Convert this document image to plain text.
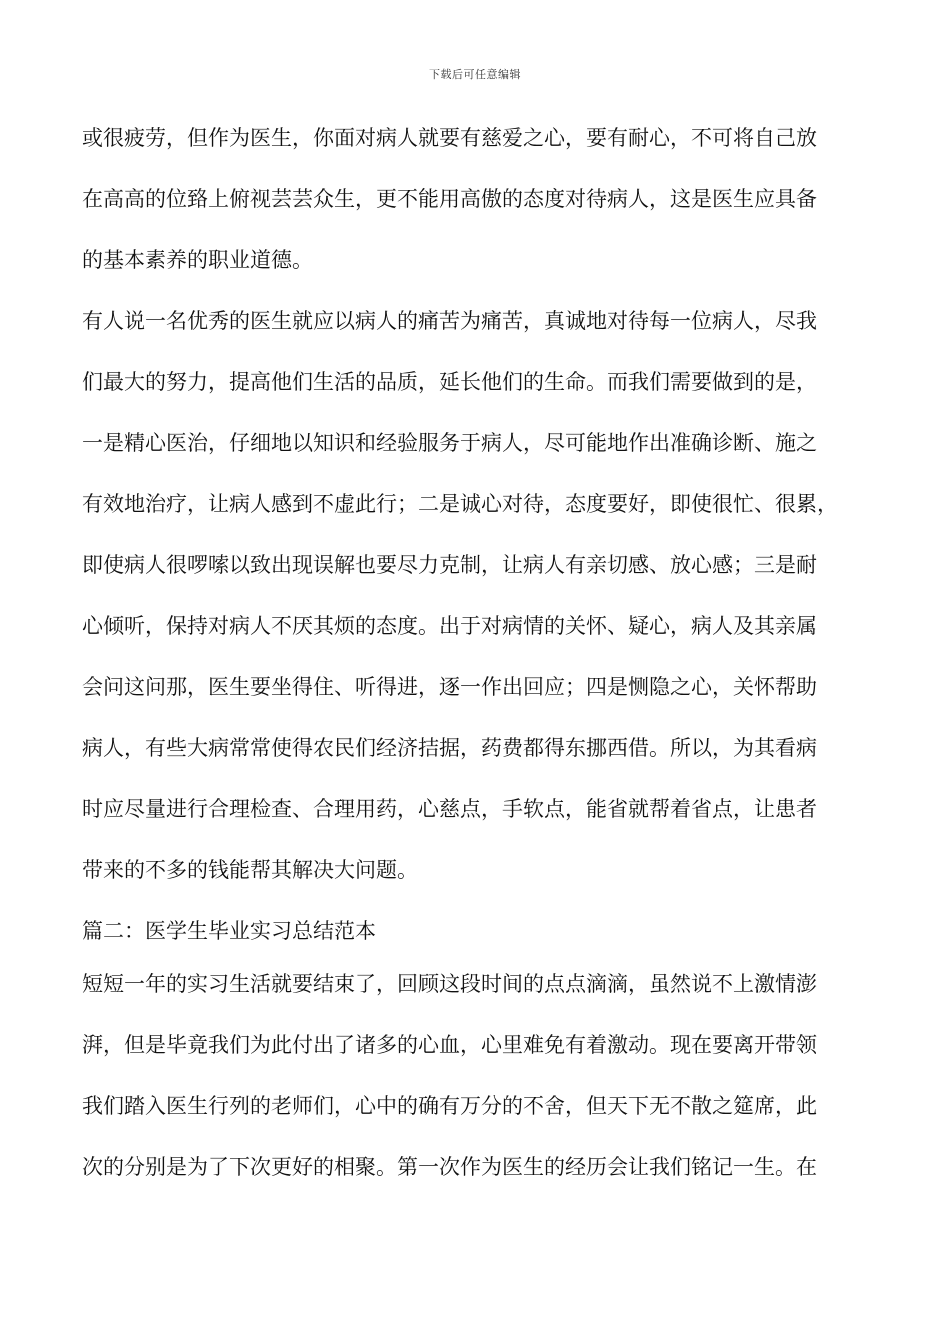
下载后可任意编辑
或很疲劳，但作为医生，你面对病人就要有慈爱之心，要有耐心，不可将自己放
在高高的位臵上俯视芸芸众生，更不能用高傲的态度对待病人，这是医生应具备
的基本素养的职业道德。
有人说一名优秀的医生就应以病人的痛苦为痛苦，真诚地对待每一位病人，尽我
们最大的努力，提高他们生活的品质，延长他们的生命。而我们需要做到的是，
一是精心医治，仔细地以知识和经验服务于病人，尽可能地作出准确诊断、施之
有效地治疗，让病人感到不虚此行；二是诚心对待，态度要好，即使很忙、很累，
即使病人很啰嗦以致出现误解也要尽力克制，让病人有亲切感、放心感；三是耐
心倾听，保持对病人不厌其烦的态度。出于对病情的关怀、疑心，病人及其亲属
会问这问那，医生要坐得住、听得进，逐一作出回应；四是恻隐之心，关怀帮助
病人，有些大病常常使得农民们经济拮据，药费都得东挪西借。所以，为其看病
时应尽量进行合理检查、合理用药，心慈点，手软点，能省就帮着省点，让患者
带来的不多的钱能帮其解决大问题。
篇二：医学生毕业实习总结范本
短短一年的实习生活就要结束了，回顾这段时间的点点滴滴，虽然说不上激情澎
湃，但是毕竟我们为此付出了诸多的心血，心里难免有着激动。现在要离开带领
我们踏入医生行列的老师们，心中的确有万分的不舍，但天下无不散之筵席，此
次的分别是为了下次更好的相聚。第一次作为医生的经历会让我们铭记一生。在
